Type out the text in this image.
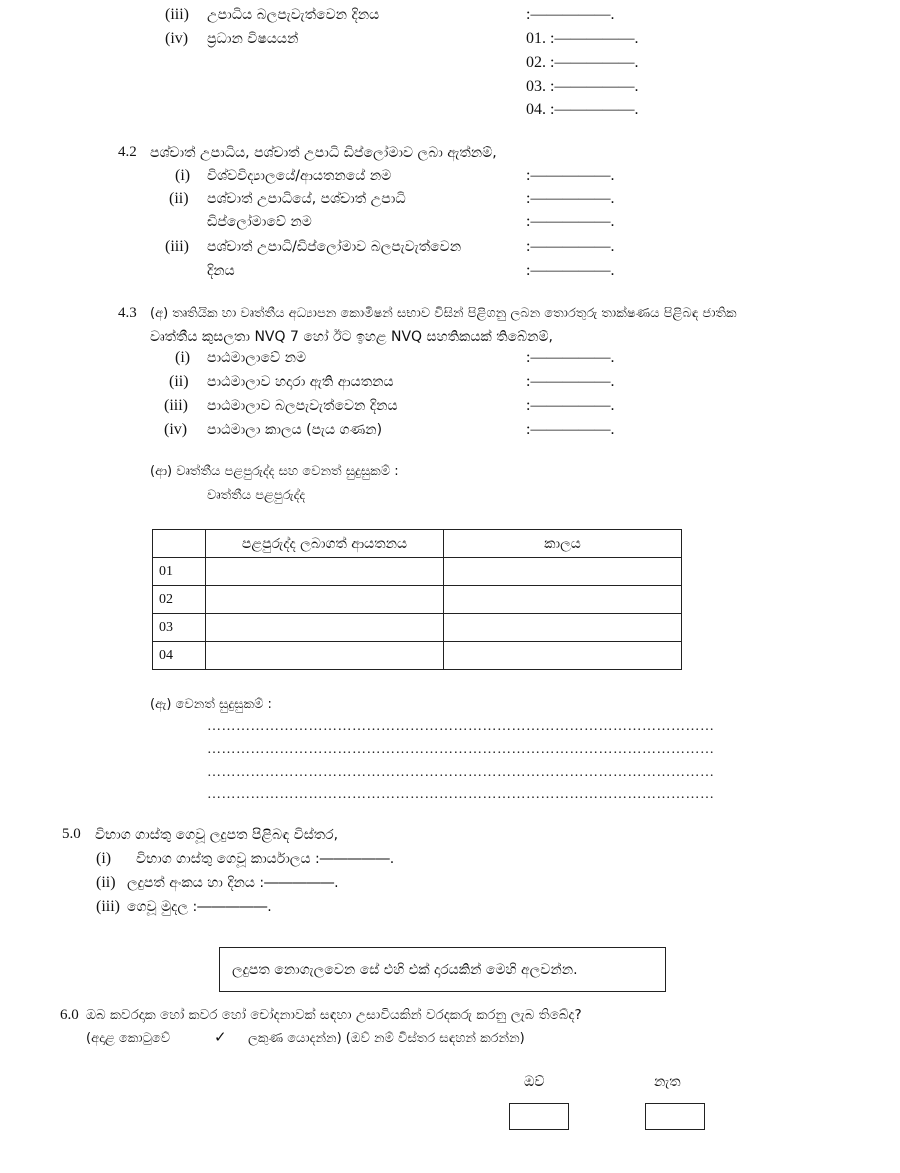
(iii) උපාධිය බලපැවැත්වෙන දිනය	:―――――.
(iv) ප්‍රධාන විෂයයන්	01. :―――――.
02. :―――――.
03. :―――――.
04. :―――――.
4.2 පශ්චාත් උපාධිය, පශ්චාත් උපාධි ඩිප්ලෝමාව ලබා ඇත්නම්,
(i) විශ්වවිද්‍යාලයේ/ආයතනයේ නම	:―――――.
(ii) පශ්චාත් උපාධියේ, පශ්චාත් උපාධි	:―――――.
ඩිප්ලෝමාවේ නම	:―――――.
(iii) පශ්චාත් උපාධි/ඩිප්ලෝමාව බලපැවැත්වෙන	:―――――.
දිනය	:―――――.
4.3 (අ) තෘතියික හා වෘත්තීය අධ්‍යාපන කොමිෂන් සභාව විසින් පිළිගනු ලබන තොරතුරු තාක්ෂණය පිළිබඳ ජාතික
වෘත්තීය කුසලතා NVQ 7 හෝ ඊට ඉහළ NVQ සහතිකයක් තිබේනම්,
(i) පාඨමාලාවේ නම	:―――――.
(ii) පාඨමාලාව හදාරා ඇති ආයතනය	:―――――.
(iii) පාඨමාලාව බලපැවැත්වෙන දිනය	:―――――.
(iv) පාඨමාලා කාලය (පැය ගණන)	:―――――.
(ආ) වෘත්තීය පළපුරුද්ද සහ වෙනත් සුදුසුකම් :
වෘත්තීය පළපුරුද්ද
	පළපුරුද්ද ලබාගත් ආයතනය	කාලය
01		
02		
03		
04		
(ඇ) වෙනත් සුදුසුකම් :
……………………………………………………………………………………………
……………………………………………………………………………………………
……………………………………………………………………………………………
……………………………………………………………………………………………
5.0 විභාග ගාස්තු ගෙවූ ලදුපත පිළිබඳ විස්තර,
(i) විභාග ගාස්තු ගෙවූ කාර්යාලය :―――――.
(ii) ලදුපත් අංකය හා දිනය :―――――.
(iii) ගෙවූ මුදල :―――――.
ලදුපත නොගැලවෙන සේ එහි එක් දාරයකින් මෙහි අලවන්න.
6.0 ඔබ කවරදාක හෝ කවර හෝ චෝදනාවක් සඳහා උසාවියකින් වරදකරු කරනු ලැබ තිබේද?
(අදාළ කොටුවේ	✓ ලකුණ යොදන්න) (ඔව් නම් විස්තර සඳහන් කරන්න)
ඔව්	නැත
